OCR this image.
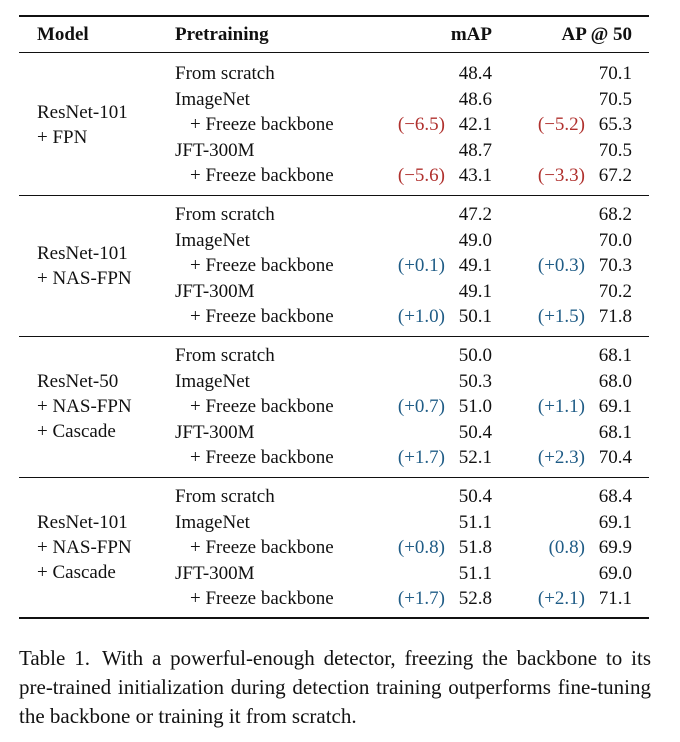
Model	Pretraining	mAP	AP @ 50
ResNet-101
+ FPN
From scratch	48.4	70.1
ImageNet	48.6	70.5
+ Freeze backbone	(−6.5) 42.1	(−5.2) 65.3
JFT-300M	48.7	70.5
+ Freeze backbone	(−5.6) 43.1	(−3.3) 67.2
ResNet-101
+ NAS-FPN
From scratch	47.2	68.2
ImageNet	49.0	70.0
+ Freeze backbone	(+0.1) 49.1	(+0.3) 70.3
JFT-300M	49.1	70.2
+ Freeze backbone	(+1.0) 50.1	(+1.5) 71.8
ResNet-50
+ NAS-FPN
+ Cascade
From scratch	50.0	68.1
ImageNet	50.3	68.0
+ Freeze backbone	(+0.7) 51.0	(+1.1) 69.1
JFT-300M	50.4	68.1
+ Freeze backbone	(+1.7) 52.1	(+2.3) 70.4
ResNet-101
+ NAS-FPN
+ Cascade
From scratch	50.4	68.4
ImageNet	51.1	69.1
+ Freeze backbone	(+0.8) 51.8	(0.8) 69.9
JFT-300M	51.1	69.0
+ Freeze backbone	(+1.7) 52.8	(+2.1) 71.1
Table 1. With a powerful-enough detector, freezing the backbone to its pre-trained initialization during detection training outperforms fine-tuning the backbone or training it from scratch.
